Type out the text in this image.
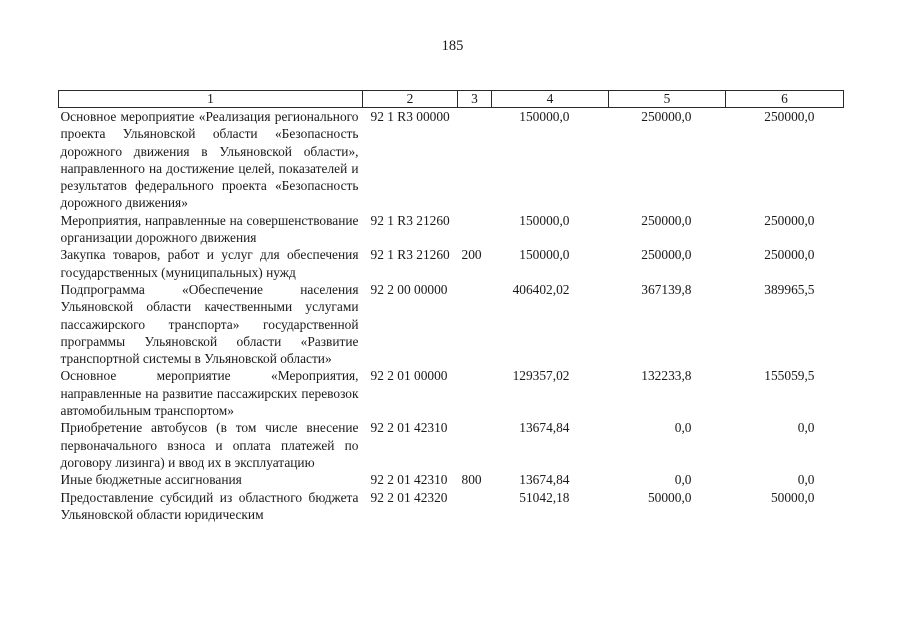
185
1	2	3	4	5	6
Основное мероприятие «Реализация регионального проекта Ульяновской области «Безопасность дорожного движения в Ульяновской области», направленного на достижение целей, показателей и результатов федерального проекта «Безопасность дорожного движения»	92 1 R3 00000		150000,0	250000,0	250000,0
Мероприятия, направленные на совершенствование организации дорожного движения	92 1 R3 21260		150000,0	250000,0	250000,0
Закупка товаров, работ и услуг для обеспечения государственных (муниципальных) нужд	92 1 R3 21260	200	150000,0	250000,0	250000,0
Подпрограмма «Обеспечение населения Ульяновской области качественными услугами пассажирского транспорта» государственной программы Ульяновской области «Развитие транспортной системы в Ульяновской области»	92 2 00 00000		406402,02	367139,8	389965,5
Основное мероприятие «Мероприятия, направленные на развитие пассажирских перевозок автомобильным транспортом»	92 2 01 00000		129357,02	132233,8	155059,5
Приобретение автобусов (в том числе внесение первоначального взноса и оплата платежей по договору лизинга) и ввод их в эксплуатацию	92 2 01 42310		13674,84	0,0	0,0
Иные бюджетные ассигнования	92 2 01 42310	800	13674,84	0,0	0,0
Предоставление субсидий из областного бюджета Ульяновской области юридическим	92 2 01 42320		51042,18	50000,0	50000,0
